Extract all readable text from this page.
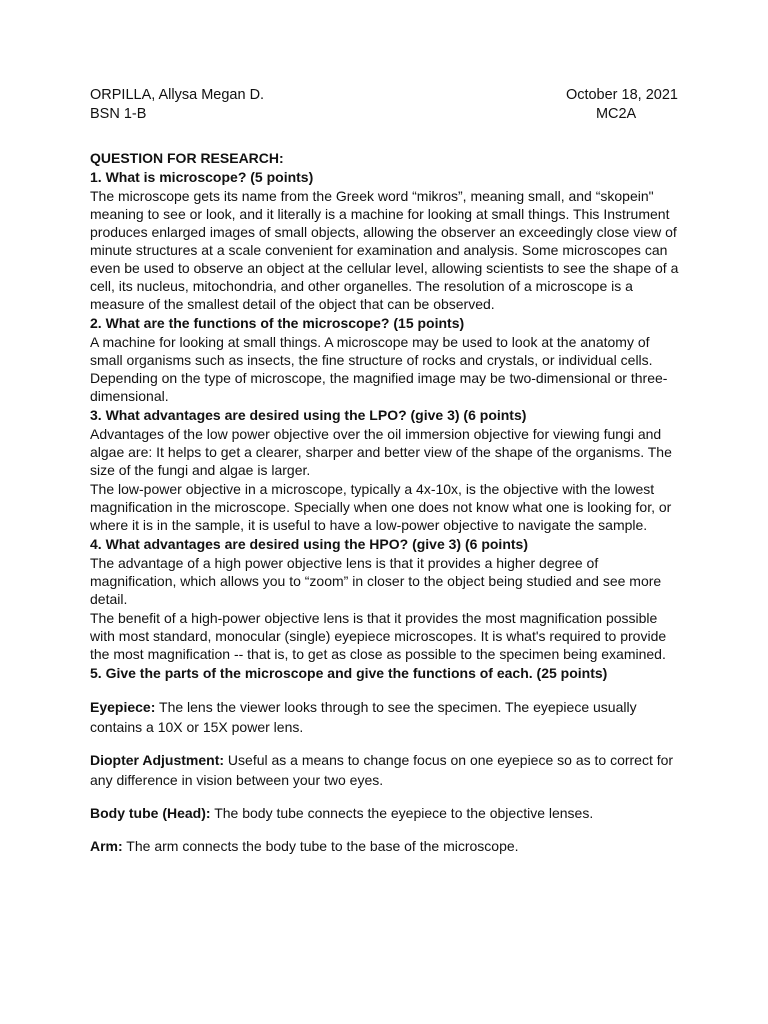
ORPILLA, Allysa Megan D.
BSN 1-B
October 18, 2021
MC2A
QUESTION FOR RESEARCH:

1. What is microscope? (5 points)

The microscope gets its name from the Greek word “mikros”, meaning small, and “skopein" meaning to see or look, and it literally is a machine for looking at small things. This Instrument produces enlarged images of small objects, allowing the observer an exceedingly close view of minute structures at a scale convenient for examination and analysis. Some microscopes can even be used to observe an object at the cellular level, allowing scientists to see the shape of a cell, its nucleus, mitochondria, and other organelles. The resolution of a microscope is a measure of the smallest detail of the object that can be observed.

2. What are the functions of the microscope? (15 points)

A machine for looking at small things. A microscope may be used to look at the anatomy of small organisms such as insects, the fine structure of rocks and crystals, or individual cells. Depending on the type of microscope, the magnified image may be two-dimensional or three-dimensional.

3. What advantages are desired using the LPO? (give 3) (6 points)

Advantages of the low power objective over the oil immersion objective for viewing fungi and algae are: It helps to get a clearer, sharper and better view of the shape of the organisms. The size of the fungi and algae is larger.

The low-power objective in a microscope, typically a 4x-10x, is the objective with the lowest magnification in the microscope. Specially when one does not know what one is looking for, or where it is in the sample, it is useful to have a low-power objective to navigate the sample.

4. What advantages are desired using the HPO? (give 3) (6 points)

The advantage of a high power objective lens is that it provides a higher degree of magnification, which allows you to “zoom” in closer to the object being studied and see more detail.

The benefit of a high-power objective lens is that it provides the most magnification possible with most standard, monocular (single) eyepiece microscopes. It is what's required to provide the most magnification -- that is, to get as close as possible to the specimen being examined.

5. Give the parts of the microscope and give the functions of each. (25 points)

Eyepiece: The lens the viewer looks through to see the specimen. The eyepiece usually contains a 10X or 15X power lens.

Diopter Adjustment: Useful as a means to change focus on one eyepiece so as to correct for any difference in vision between your two eyes.

Body tube (Head): The body tube connects the eyepiece to the objective lenses.

Arm: The arm connects the body tube to the base of the microscope.
